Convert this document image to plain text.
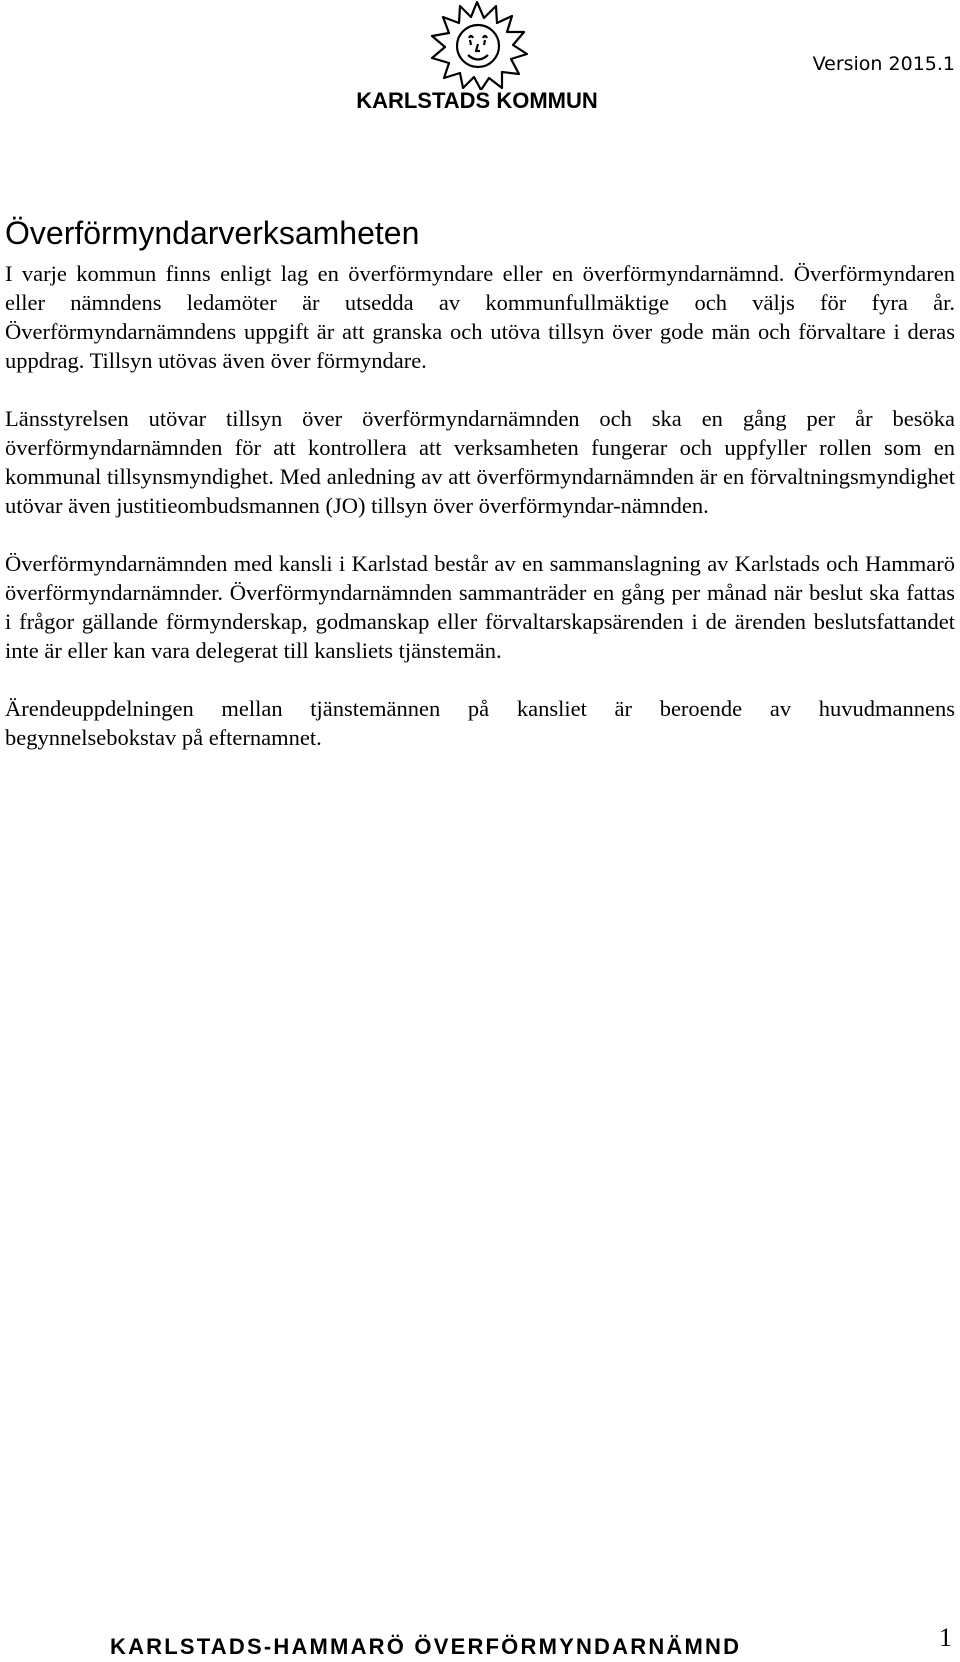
KARLSTADS KOMMUN
Version 2015.1
Överförmyndarverksamheten

I varje kommun finns enligt lag en överförmyndare eller en överförmyndarnämnd. Överförmyndaren eller nämndens ledamöter är utsedda av kommunfullmäktige och väljs för fyra år. Överförmyndarnämndens uppgift är att granska och utöva tillsyn över gode män och förvaltare i deras uppdrag. Tillsyn utövas även över förmyndare.

Länsstyrelsen utövar tillsyn över överförmyndarnämnden och ska en gång per år besöka överförmyndarnämnden för att kontrollera att verksamheten fungerar och uppfyller rollen som en kommunal tillsynsmyndighet. Med anledning av att överförmyndarnämnden är en förvaltningsmyndighet utövar även justitieombudsmannen (JO) tillsyn över överförmyndar-nämnden.

Överförmyndarnämnden med kansli i Karlstad består av en sammanslagning av Karlstads och Hammarö överförmyndarnämnder. Överförmyndarnämnden sammanträder en gång per månad när beslut ska fattas i frågor gällande förmynderskap, godmanskap eller förvaltarskapsärenden i de ärenden beslutsfattandet inte är eller kan vara delegerat till kansliets tjänstemän.

Ärendeuppdelningen mellan tjänstemännen på kansliet är beroende av huvudmannens begynnelsebokstav på efternamnet.

KARLSTADS-HAMMARÖ ÖVERFÖRMYNDARNÄMND	1
